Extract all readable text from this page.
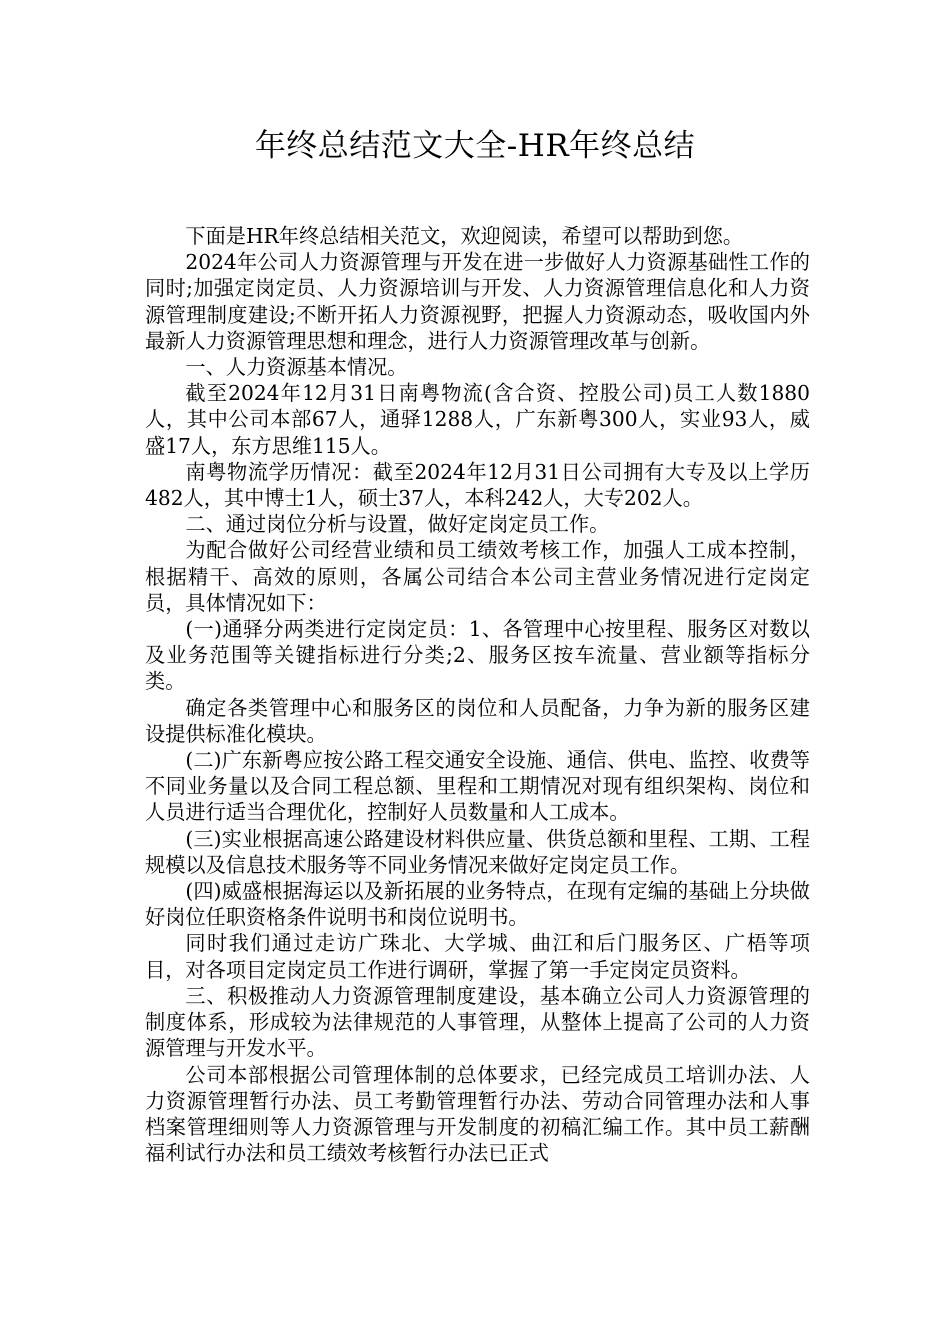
年终总结范文大全-HR年终总结

下面是HR年终总结相关范文，欢迎阅读，希望可以帮助到您。

2024年公司人力资源管理与开发在进一步做好人力资源基础性工作的同时;加强定岗定员、人力资源培训与开发、人力资源管理信息化和人力资源管理制度建设;不断开拓人力资源视野，把握人力资源动态，吸收国内外最新人力资源管理思想和理念，进行人力资源管理改革与创新。

一、人力资源基本情况。

截至2024年12月31日南粤物流(含合资、控股公司)员工人数1880人，其中公司本部67人，通驿1288人，广东新粤300人，实业93人，威盛17人，东方思维115人。

南粤物流学历情况：截至2024年12月31日公司拥有大专及以上学历482人，其中博士1人，硕士37人，本科242人，大专202人。

二、通过岗位分析与设置，做好定岗定员工作。

为配合做好公司经营业绩和员工绩效考核工作，加强人工成本控制，根据精干、高效的原则，各属公司结合本公司主营业务情况进行定岗定员，具体情况如下：

(一)通驿分两类进行定岗定员：1、各管理中心按里程、服务区对数以及业务范围等关键指标进行分类;2、服务区按车流量、营业额等指标分类。

确定各类管理中心和服务区的岗位和人员配备，力争为新的服务区建设提供标准化模块。

(二)广东新粤应按公路工程交通安全设施、通信、供电、监控、收费等不同业务量以及合同工程总额、里程和工期情况对现有组织架构、岗位和人员进行适当合理优化，控制好人员数量和人工成本。

(三)实业根据高速公路建设材料供应量、供货总额和里程、工期、工程规模以及信息技术服务等不同业务情况来做好定岗定员工作。

(四)威盛根据海运以及新拓展的业务特点，在现有定编的基础上分块做好岗位任职资格条件说明书和岗位说明书。

同时我们通过走访广珠北、大学城、曲江和后门服务区、广梧等项目，对各项目定岗定员工作进行调研，掌握了第一手定岗定员资料。

三、积极推动人力资源管理制度建设，基本确立公司人力资源管理的制度体系，形成较为法律规范的人事管理，从整体上提高了公司的人力资源管理与开发水平。

公司本部根据公司管理体制的总体要求，已经完成员工培训办法、人力资源管理暂行办法、员工考勤管理暂行办法、劳动合同管理办法和人事档案管理细则等人力资源管理与开发制度的初稿汇编工作。其中员工薪酬福利试行办法和员工绩效考核暂行办法已正式
